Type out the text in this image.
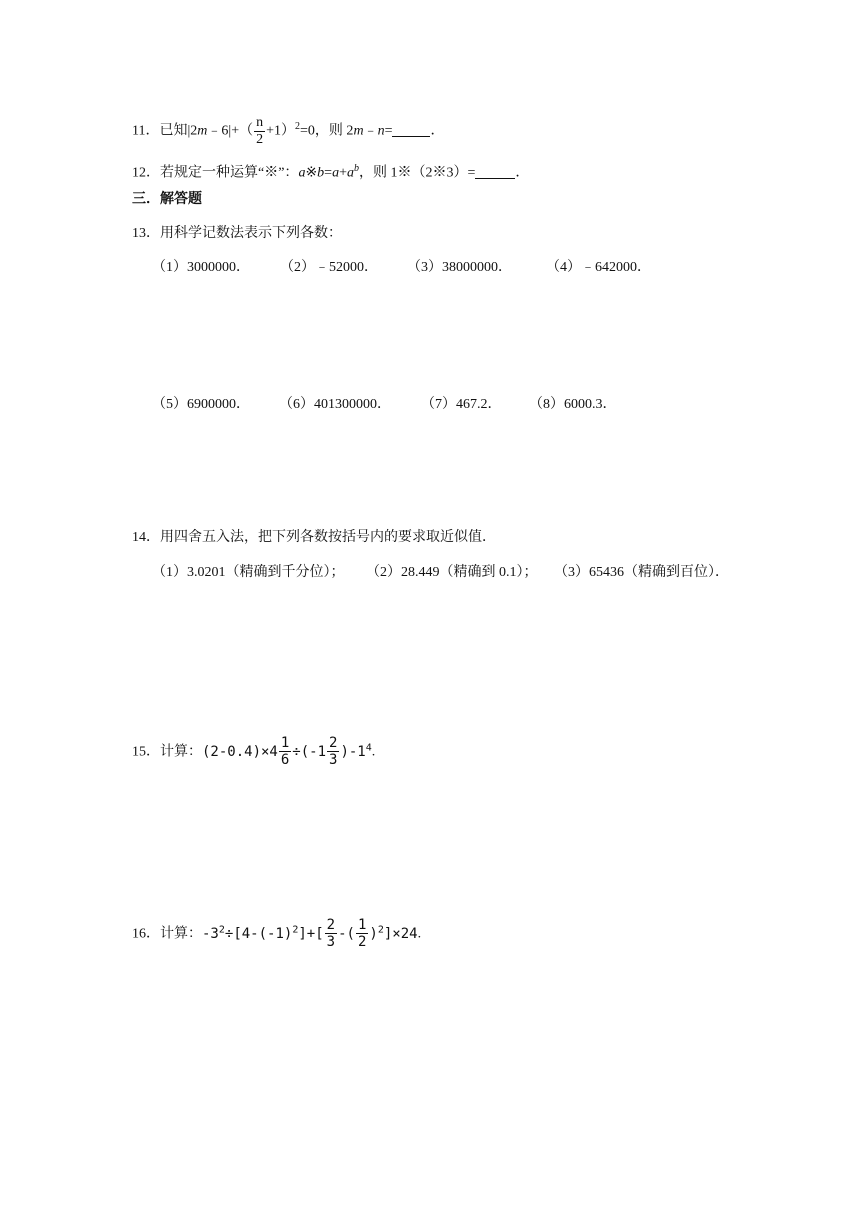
11．已知|2m﹣6|+（ $\frac{n}{2} +1)^2=0$，则 2m﹣n=	．
12．若规定一种运算“※”：$a※b=a+a^b$，则 1※（2※3）=	．
三．解答题
13．用科学记数法表示下列各数：
（1）3000000． （2）﹣52000． （3）38000000． （4）﹣642000．
（5）6900000． （6）401300000． （7）467.2． （8）6000.3．
14．用四舍五入法，把下列各数按括号内的要求取近似值．
（1）3.0201（精确到千分位）； （2）28.449（精确到 0.1）； （3）65436（精确到百位）．
15．计算：$(2-0.4)\times 4 \frac{1}{6} \div(-1 \frac{2}{3} )-1^4$.
16．计算：$-3^2\div[4-(-1)^2]+[ \frac{2}{3}$ -( $\frac{1}{2} )^2]\times 24$.
